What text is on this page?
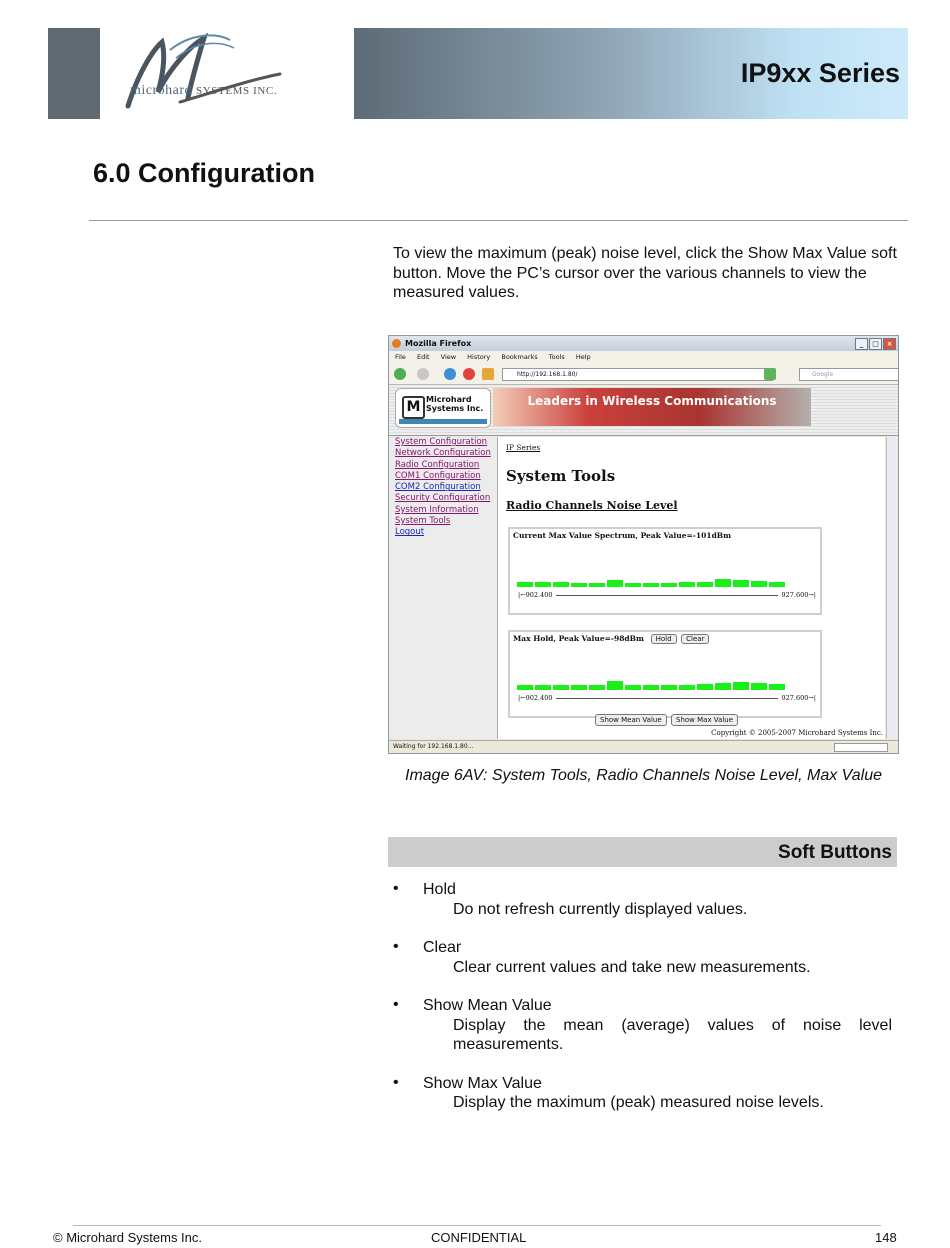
microhard SYSTEMS INC.
IP9xx Series
6.0 Configuration
To view the maximum (peak) noise level, click the Show Max Value soft button. Move the PC’s cursor over the various channels to view the measured values.
Mozilla Firefox	_	□	×
File Edit View History Bookmarks Tools Help
http://192.168.1.80/	Google
M Microhard Systems Inc.
Leaders in Wireless Communications
System Configuration
Network Configuration
Radio Configuration
COM1 Configuration
COM2 Configuration
Security Configuration
System Information
System Tools
Logout
IP Series
System Tools
Radio Channels Noise Level
Current Max Value Spectrum, Peak Value=-101dBm
|←902.400	927.600→|
Max Hold, Peak Value=-98dBm Hold Clear
|←902.400	927.600→|
Show Mean Value	Show Max Value
Copyright © 2005-2007 Microhard Systems Inc.
Waiting for 192.168.1.80...
Image 6AV: System Tools, Radio Channels Noise Level, Max Value
Soft Buttons
•	Hold
Do not refresh currently displayed values.
•	Clear
Clear current values and take new measurements.
•	Show Mean Value
Display the mean (average) values of noise level measurements.
•	Show Max Value
Display the maximum (peak) measured noise levels.
© Microhard Systems Inc.	CONFIDENTIAL	148
